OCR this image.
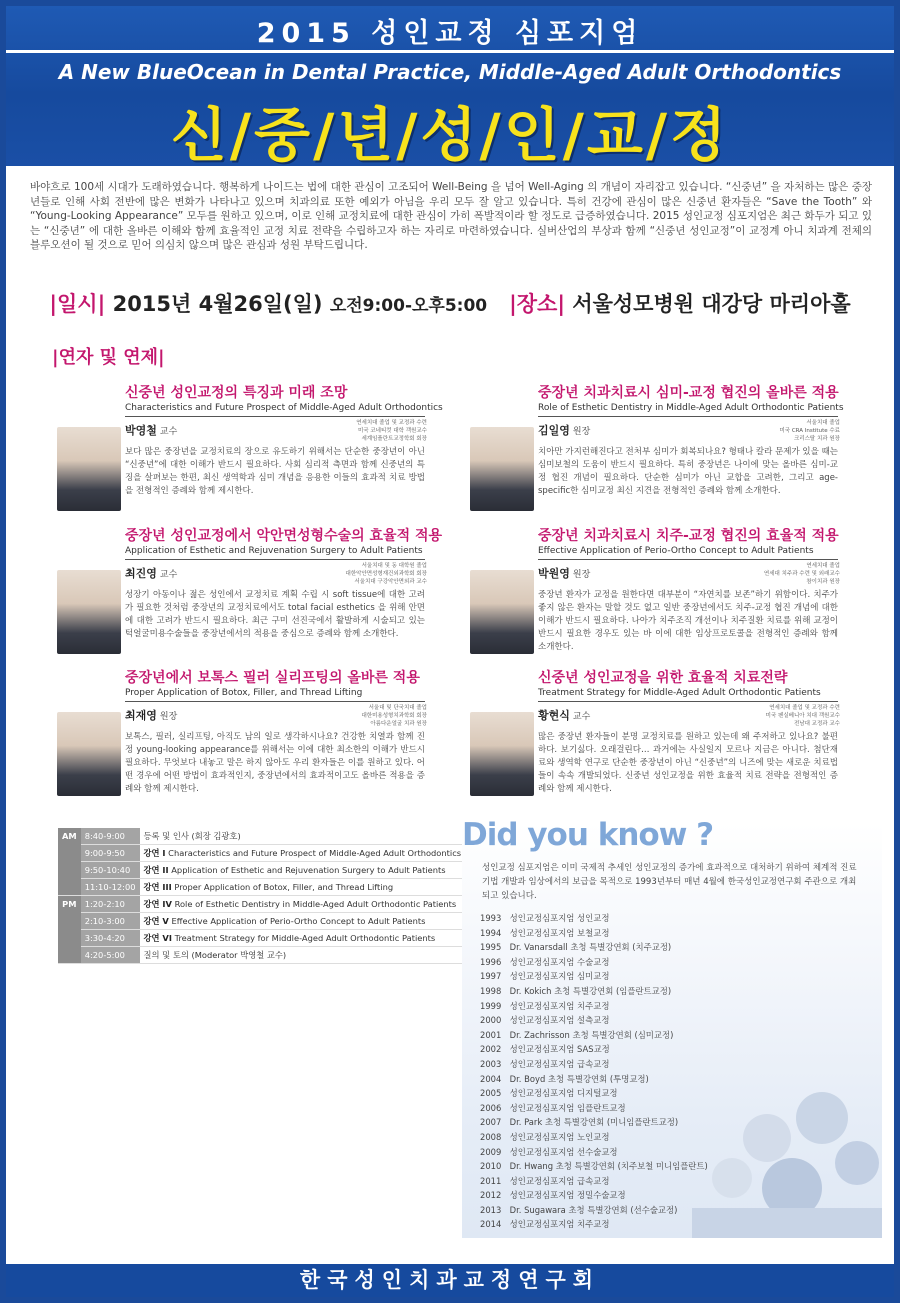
2015 성인교정 심포지엄
A New BlueOcean in Dental Practice, Middle-Aged Adult Orthodontics
신/중/년/성/인/교/정
바야흐로 100세 시대가 도래하였습니다. 행복하게 나이드는 법에 대한 관심이 고조되어 Well-Being 을 넘어 Well-Aging 의 개념이 자리잡고 있습니다. “신중년” 을 자처하는 많은 중장년들로 인해 사회 전반에 많은 변화가 나타나고 있으며 치과의료 또한 예외가 아님을 우리 모두 잘 알고 있습니다. 특히 건강에 관심이 많은 신중년 환자들은 “Save the Tooth” 와 “Young-Looking Appearance” 모두를 원하고 있으며, 이로 인해 교정치료에 대한 관심이 가히 폭발적이라 할 정도로 급증하였습니다. 2015 성인교정 심포지엄은 최근 화두가 되고 있는 “신중년” 에 대한 올바른 이해와 함께 효율적인 교정 치료 전략을 수립하고자 하는 자리로 마련하였습니다. 실버산업의 부상과 함께 “신중년 성인교정”이 교정계 아니 치과계 전체의 블루오션이 될 것으로 믿어 의심치 않으며 많은 관심과 성원 부탁드립니다.
|일시| 2015년 4월26일(일) 오전9:00-오후5:00 |장소| 서울성모병원 대강당 마리아홀
|연자 및 연제|
신중년 성인교정의 특징과 미래 조망
Characteristics and Future Prospect of Middle-Aged Adult Orthodontics
박영철 교수
연세치대 졸업 및 교정과 수련
미국 코네티컷 대학 객원교수
세계임플란트교정학회 회장
보다 많은 중장년을 교정치료의 장으로 유도하기 위해서는 단순한 중장년이 아닌 “신중년”에 대한 이해가 반드시 필요하다. 사회 심리적 측면과 함께 신중년의 특징을 살펴보는 한편, 최신 생역학과 심미 개념을 응용한 이들의 효과적 치료 방법을 전형적인 증례와 함께 제시한다.
중장년 치과치료시 심미-교정 협진의 올바른 적용
Role of Esthetic Dentistry in Middle-Aged Adult Orthodontic Patients
김일영 원장
서울치대 졸업
미국 CRA Institute 수료
크리스탈 치과 원장
치아만 가지런해진다고 전처부 심미가 회복되나요? 형태나 칼라 문제가 있을 때는 심미보철의 도움이 반드시 필요하다. 특히 중장년은 나이에 맞는 올바른 심미-교정 협진 개념이 필요하다. 단순한 심미가 아닌 교합을 고려한, 그리고 age-specific한 심미교정 최신 지견을 전형적인 증례와 함께 소개한다.
중장년 성인교정에서 악안면성형수술의 효율적 적용
Application of Esthetic and Rejuvenation Surgery to Adult Patients
최진영 교수
서울치대 및 동 대학원 졸업
대한악안면성형재건외과학회 회장
서울치대 구강악안면외과 교수
성장기 아동이나 젊은 성인에서 교정치료 계획 수립 시 soft tissue에 대한 고려가 필요한 것처럼 중장년의 교정치료에서도 total facial esthetics 을 위해 안면에 대한 고려가 반드시 필요하다. 최근 구미 선진국에서 활발하게 시술되고 있는 턱얼굴미용수술들을 중장년에서의 적용을 중심으로 증례와 함께 소개한다.
중장년 치과치료시 치주-교정 협진의 효율적 적용
Effective Application of Perio-Ortho Concept to Adult Patients
박원영 원장
연세치대 졸업
연세대 치주과 수련 및 외래교수
참이치과 원장
중장년 환자가 교정을 원한다면 대부분이 “자연치를 보존”하기 위함이다. 치주가 좋지 않은 환자는 말할 것도 없고 일반 중장년에서도 치주-교정 협진 개념에 대한 이해가 반드시 필요하다. 나아가 치주조직 개선이나 치주질환 치료를 위해 교정이 반드시 필요한 경우도 있는 바 이에 대한 임상프로토콜을 전형적인 증례와 함께 소개한다.
중장년에서 보톡스 필러 실리프팅의 올바른 적용
Proper Application of Botox, Filler, and Thread Lifting
최재영 원장
서울대 및 단국치대 졸업
대한미용성형치과학회 회장
아름다운얼굴 치과 원장
보톡스, 필러, 실리프팅, 아직도 남의 일로 생각하시나요? 건강한 치열과 함께 진정 young-looking appearance를 위해서는 이에 대한 최소한의 이해가 반드시 필요하다. 무엇보다 내놓고 말은 하지 않아도 우리 환자들은 이를 원하고 있다. 어떤 경우에 어떤 방법이 효과적인지, 중장년에서의 효과적이고도 올바른 적용을 증례와 함께 제시한다.
신중년 성인교정을 위한 효율적 치료전략
Treatment Strategy for Middle-Aged Adult Orthodontic Patients
황현식 교수
연세치대 졸업 및 교정과 수련
미국 펜실베니아 치대 객원교수
전남대 교정과 교수
많은 중장년 환자들이 분명 교정치료를 원하고 있는데 왜 주저하고 있나요? 불편하다. 보기싫다. 오래걸린다… 과거에는 사실일지 모르나 지금은 아니다. 첨단재료와 생역학 연구로 단순한 중장년이 아닌 “신중년”의 니즈에 맞는 새로운 치료법들이 속속 개발되었다. 신중년 성인교정을 위한 효율적 치료 전략을 전형적인 증례와 함께 제시한다.
AM	8:40-9:00	등록 및 인사 (회장 김광호)
	9:00-9:50	강연 I Characteristics and Future Prospect of Middle-Aged Adult Orthodontics
	9:50-10:40	강연 II Application of Esthetic and Rejuvenation Surgery to Adult Patients
	11:10-12:00	강연 III Proper Application of Botox, Filler, and Thread Lifting
PM	1:20-2:10	강연 IV Role of Esthetic Dentistry in Middle-Aged Adult Orthodontic Patients
	2:10-3:00	강연 V Effective Application of Perio-Ortho Concept to Adult Patients
	3:30-4:20	강연 VI Treatment Strategy for Middle-Aged Adult Orthodontic Patients
	4:20-5:00	질의 및 토의 (Moderator 박영철 교수)
Did you know ?
성인교정 심포지엄은 이미 국제적 추세인 성인교정의 증가에 효과적으로 대처하기 위하여 체계적 진료기법 개발과 임상에서의 보급을 목적으로 1993년부터 매년 4월에 한국성인교정연구회 주관으로 개최되고 있습니다.
1993 성인교정심포지엄 성인교정
1994 성인교정심포지엄 보철교정
1995 Dr. Vanarsdall 초청 특별강연회 (치주교정)
1996 성인교정심포지엄 수술교정
1997 성인교정심포지엄 심미교정
1998 Dr. Kokich 초청 특별강연회 (임플란트교정)
1999 성인교정심포지엄 치주교정
2000 성인교정심포지엄 설측교정
2001 Dr. Zachrisson 초청 특별강연회 (심미교정)
2002 성인교정심포지엄 SAS교정
2003 성인교정심포지엄 급속교정
2004 Dr. Boyd 초청 특별강연회 (투명교정)
2005 성인교정심포지엄 디지털교정
2006 성인교정심포지엄 임플란트교정
2007 Dr. Park 초청 특별강연회 (미니임플란트교정)
2008 성인교정심포지엄 노인교정
2009 성인교정심포지엄 선수술교정
2010 Dr. Hwang 초청 특별강연회 (치주보철 미니임플란트)
2011 성인교정심포지엄 급속교정
2012 성인교정심포지엄 정밀수술교정
2013 Dr. Sugawara 초청 특별강연회 (선수술교정)
2014 성인교정심포지엄 치주교정
한국성인치과교정연구회
